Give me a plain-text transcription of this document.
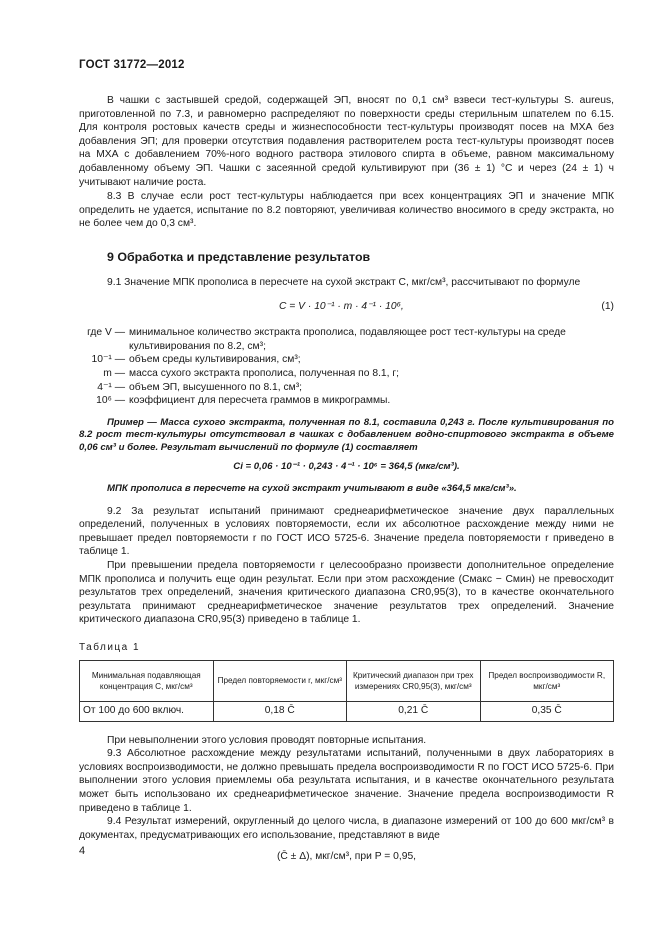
ГОСТ 31772—2012

В чашки с застывшей средой, содержащей ЭП, вносят по 0,1 см³ взвеси тест-культуры S. aureus, приготовленной по 7.3, и равномерно распределяют по поверхности среды стерильным шпателем по 6.15. Для контроля ростовых качеств среды и жизнеспособности тест-культуры производят посев на МХА без добавления ЭП; для проверки отсутствия подавления растворителем роста тест-культуры производят посев на МХА с добавлением 70%-ного водного раствора этилового спирта в объеме, равном максимальному добавленному объему ЭП. Чашки с засеянной средой культивируют при (36 ± 1) °С и через (24 ± 1) ч учитывают наличие роста.

8.3 В случае если рост тест-культуры наблюдается при всех концентрациях ЭП и значение МПК определить не удается, испытание по 8.2 повторяют, увеличивая количество вносимого в среду экстракта, но не более чем до 0,3 см³.

9 Обработка и представление результатов

9.1 Значение МПК прополиса в пересчете на сухой экстракт C, мкг/см³, рассчитывают по формуле

C = V · 10⁻¹ · m · 4⁻¹ · 10⁶,	(1)
где V — минимальное количество экстракта прополиса, подавляющее рост тест-культуры на среде культивирования по 8.2, см³;
10⁻¹ — объем среды культивирования, см³;
m — масса сухого экстракта прополиса, полученная по 8.1, г;
4⁻¹ — объем ЭП, высушенного по 8.1, см³;
10⁶ — коэффициент для пересчета граммов в микрограммы.
Пример — Масса сухого экстракта, полученная по 8.1, составила 0,243 г. После культивирования по 8.2 рост тест-культуры отсутствовал в чашках с добавлением водно-спиртового экстракта в объеме 0,06 см³ и более. Результат вычислений по формуле (1) составляет
Ci = 0,06 · 10⁻¹ · 0,243 · 4⁻¹ · 10⁶ = 364,5 (мкг/см³).
МПК прополиса в пересчете на сухой экстракт учитывают в виде «364,5 мкг/см³».

9.2 За результат испытаний принимают среднеарифметическое значение двух параллельных определений, полученных в условиях повторяемости, если их абсолютное расхождение между ними не превышает предел повторяемости r по ГОСТ ИСО 5725-6. Значение предела повторяемости r приведено в таблице 1.

При превышении предела повторяемости r целесообразно произвести дополнительное определение МПК прополиса и получить еще один результат. Если при этом расхождение (Cмакс − Cмин) не превосходит результатов трех определений, значения критического диапазона CR0,95(3), то в качестве окончательного результата принимают среднеарифметическое значение результатов трех определений. Значение критического диапазона CR0,95(3) приведено в таблице 1.

Таблица 1
Минимальная подавляющая концентрация C, мкг/см³	Предел повторяемости r, мкг/см³	Критический диапазон при трех измерениях CR0,95(3), мкг/см³	Предел воспроизводимости R, мкг/см³
От 100 до 600 включ.	0,18 C̄	0,21 C̄	0,35 C̄

При невыполнении этого условия проводят повторные испытания.

9.3 Абсолютное расхождение между результатами испытаний, полученными в двух лабораториях в условиях воспроизводимости, не должно превышать предела воспроизводимости R по ГОСТ ИСО 5725-6. При выполнении этого условия приемлемы оба результата испытания, и в качестве окончательного результата может быть использовано их среднеарифметическое значение. Значение предела воспроизводимости R приведено в таблице 1.

9.4 Результат измерений, округленный до целого числа, в диапазоне измерений от 100 до 600 мкг/см³ в документах, предусматривающих его использование, представляют в виде

(C̄ ± Δ), мкг/см³, при P = 0,95,
4
